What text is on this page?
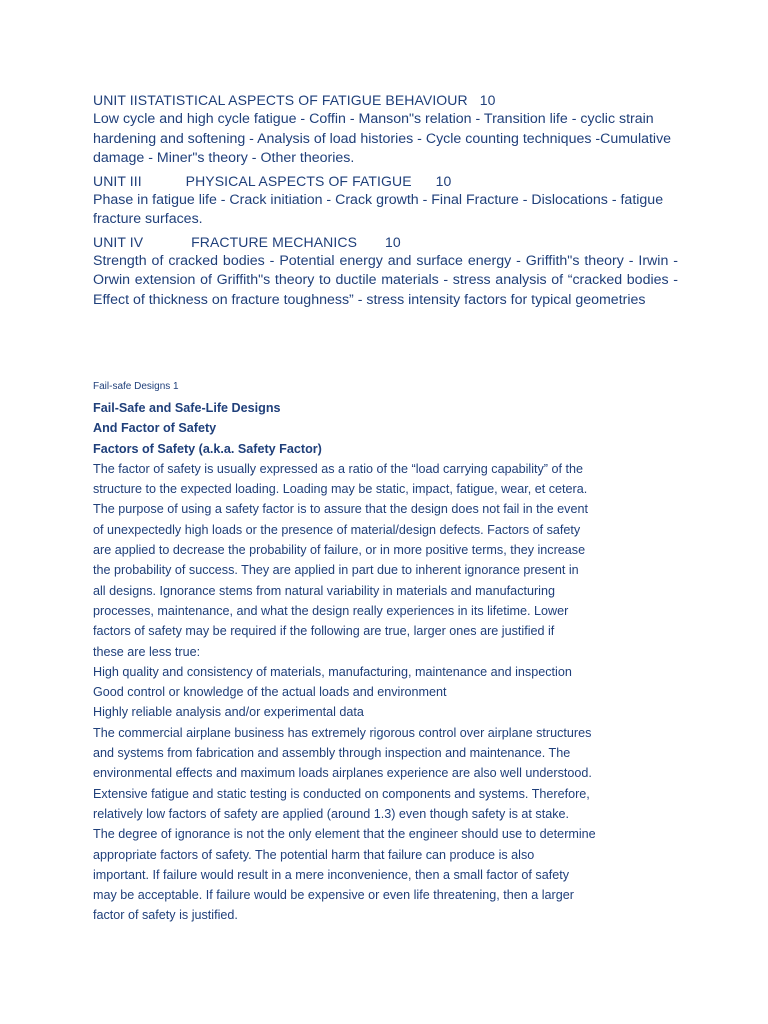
UNIT IISTATISTICAL ASPECTS OF FATIGUE BEHAVIOUR   10
Low cycle and high cycle fatigue - Coffin - Manson"s relation - Transition life - cyclic strain hardening and softening - Analysis of load histories - Cycle counting techniques -Cumulative damage - Miner"s theory - Other theories.
UNIT III           PHYSICAL ASPECTS OF FATIGUE      10
Phase in fatigue life - Crack initiation - Crack growth - Final Fracture - Dislocations - fatigue fracture surfaces.
UNIT IV            FRACTURE MECHANICS       10
Strength of cracked bodies - Potential energy and surface energy - Griffith"s theory - Irwin - Orwin extension of Griffith"s theory to ductile materials - stress analysis of “cracked bodies - Effect of thickness on fracture toughness” - stress intensity factors for typical geometries
Fail-safe Designs 1
Fail-Safe and Safe-Life Designs
And Factor of Safety
Factors of Safety (a.k.a. Safety Factor)
The factor of safety is usually expressed as a ratio of the “load carrying capability” of the
structure to the expected loading. Loading may be static, impact, fatigue, wear, et cetera.
The purpose of using a safety factor is to assure that the design does not fail in the event
of unexpectedly high loads or the presence of material/design defects. Factors of safety
are applied to decrease the probability of failure, or in more positive terms, they increase
the probability of success. They are applied in part due to inherent ignorance present in
all designs. Ignorance stems from natural variability in materials and manufacturing
processes, maintenance, and what the design really experiences in its lifetime. Lower
factors of safety may be required if the following are true, larger ones are justified if
these are less true:
High quality and consistency of materials, manufacturing, maintenance and inspection
Good control or knowledge of the actual loads and environment
Highly reliable analysis and/or experimental data
The commercial airplane business has extremely rigorous control over airplane structures
and systems from fabrication and assembly through inspection and maintenance. The
environmental effects and maximum loads airplanes experience are also well understood.
Extensive fatigue and static testing is conducted on components and systems. Therefore,
relatively low factors of safety are applied (around 1.3) even though safety is at stake.
The degree of ignorance is not the only element that the engineer should use to determine
appropriate factors of safety. The potential harm that failure can produce is also
important. If failure would result in a mere inconvenience, then a small factor of safety
may be acceptable. If failure would be expensive or even life threatening, then a larger
factor of safety is justified.
